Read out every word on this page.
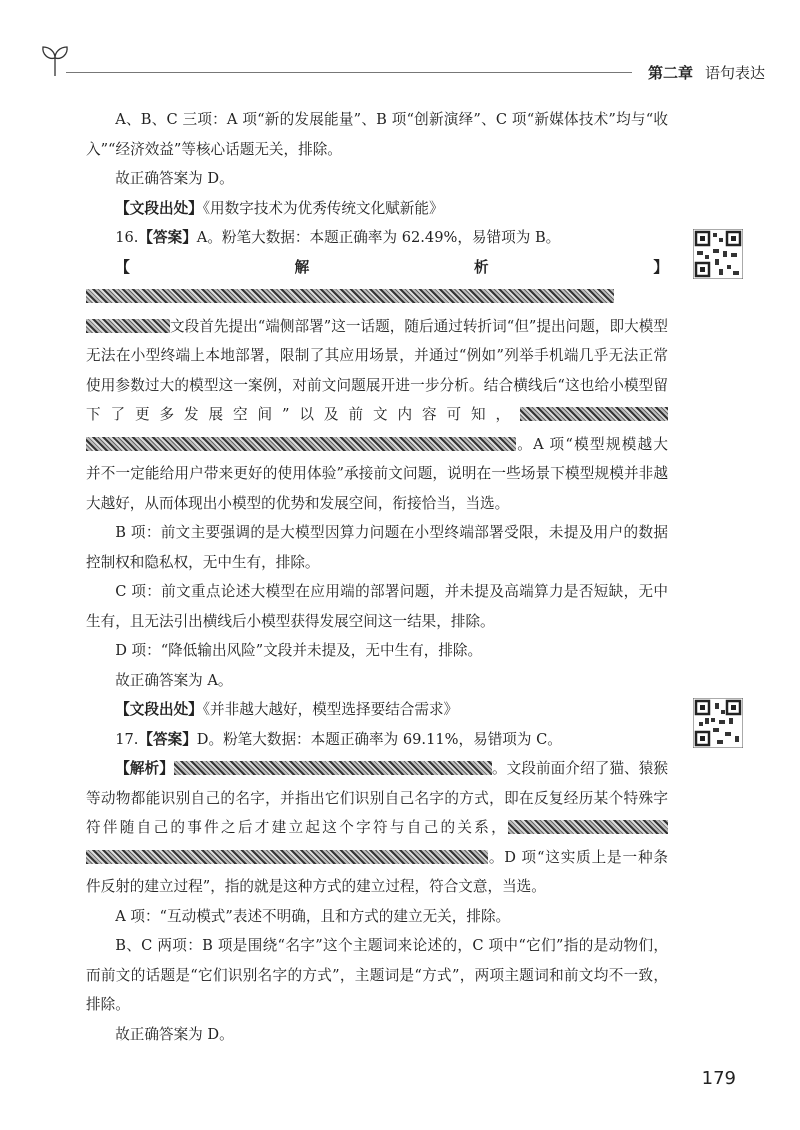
第二章 语句表达

A、B、C 三项：A 项“新的发展能量”、B 项“创新演绎”、C 项“新媒体技术”均与“收入”“经济效益”等核心话题无关，排除。

故正确答案为 D。

【文段出处】《用数字技术为优秀传统文化赋新能》

16.【答案】A。粉笔大数据：本题正确率为 62.49%，易错项为 B。

【解析】文段首先提出“端侧部署”这一话题，随后通过转折词“但”提出问题，即大模型无法在小型终端上本地部署，限制了其应用场景，并通过“例如”列举手机端几乎无法正常使用参数过大的模型这一案例，对前文问题展开进一步分析。结合横线后“这也给小模型留下了更多发展空间”以及前文内容可知，。A 项“模型规模越大并不一定能给用户带来更好的使用体验”承接前文问题，说明在一些场景下模型规模并非越大越好，从而体现出小模型的优势和发展空间，衔接恰当，当选。

B 项：前文主要强调的是大模型因算力问题在小型终端部署受限，未提及用户的数据控制权和隐私权，无中生有，排除。

C 项：前文重点论述大模型在应用端的部署问题，并未提及高端算力是否短缺，无中生有，且无法引出横线后小模型获得发展空间这一结果，排除。

D 项：“降低输出风险”文段并未提及，无中生有，排除。

故正确答案为 A。

【文段出处】《并非越大越好，模型选择要结合需求》

17.【答案】D。粉笔大数据：本题正确率为 69.11%，易错项为 C。

【解析】	。文段前面介绍了猫、猿猴等动物都能识别自己的名字，并指出它们识别自己名字的方式，即在反复经历某个特殊字符伴随自己的事件之后才建立起这个字符与自己的关系，。D 项“这实质上是一种条件反射的建立过程”，指的就是这种方式的建立过程，符合文意，当选。

A 项：“互动模式”表述不明确，且和方式的建立无关，排除。

B、C 两项：B 项是围绕“名字”这个主题词来论述的，C 项中“它们”指的是动物们，而前文的话题是“它们识别名字的方式”，主题词是“方式”，两项主题词和前文均不一致，排除。

故正确答案为 D。

179
